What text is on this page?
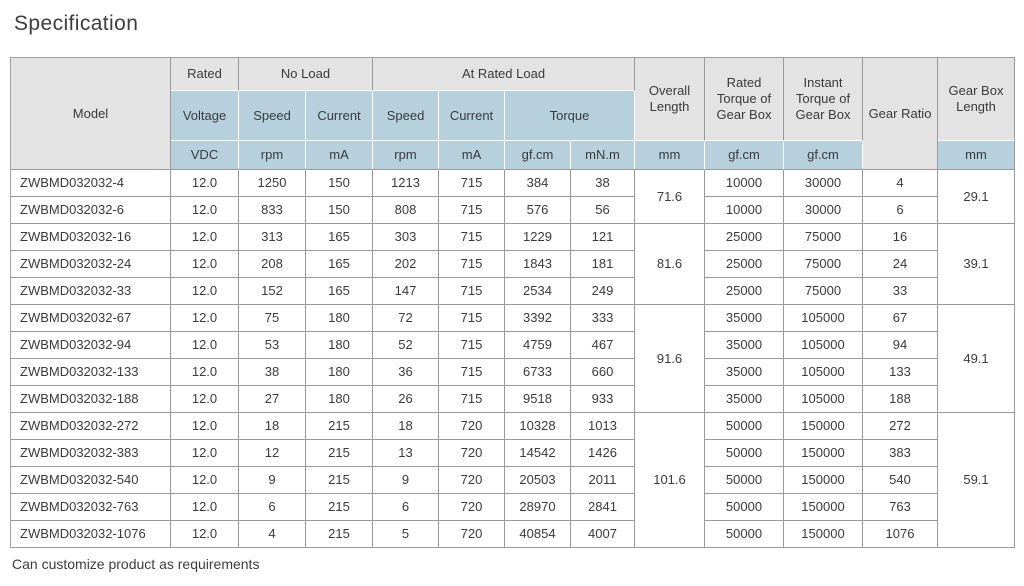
Specification
Model	Rated	No Load		At Rated Load				Overall Length	Rated Torque of Gear Box	Instant Torque of Gear Box	Gear Ratio	Gear Box Length
	Voltage	Speed	Current	Speed	Current	Torque						
	VDC	rpm	mA	rpm	mA	gf.cm	mN.m	mm	gf.cm	gf.cm		mm
ZWBMD032032-4	12.0	1250	150	1213	715	384	38	71.6	10000	30000	4	29.1
ZWBMD032032-6	12.0	833	150	808	715	576	56		10000	30000	6	
ZWBMD032032-16	12.0	313	165	303	715	1229	121	81.6	25000	75000	16	39.1
ZWBMD032032-24	12.0	208	165	202	715	1843	181		25000	75000	24	
ZWBMD032032-33	12.0	152	165	147	715	2534	249		25000	75000	33	
ZWBMD032032-67	12.0	75	180	72	715	3392	333	91.6	35000	105000	67	49.1
ZWBMD032032-94	12.0	53	180	52	715	4759	467		35000	105000	94	
ZWBMD032032-133	12.0	38	180	36	715	6733	660		35000	105000	133	
ZWBMD032032-188	12.0	27	180	26	715	9518	933		35000	105000	188	
ZWBMD032032-272	12.0	18	215	18	720	10328	1013	101.6	50000	150000	272	59.1
ZWBMD032032-383	12.0	12	215	13	720	14542	1426		50000	150000	383	
ZWBMD032032-540	12.0	9	215	9	720	20503	2011		50000	150000	540	
ZWBMD032032-763	12.0	6	215	6	720	28970	2841		50000	150000	763	
ZWBMD032032-1076	12.0	4	215	5	720	40854	4007		50000	150000	1076	
Can customize product as requirements
